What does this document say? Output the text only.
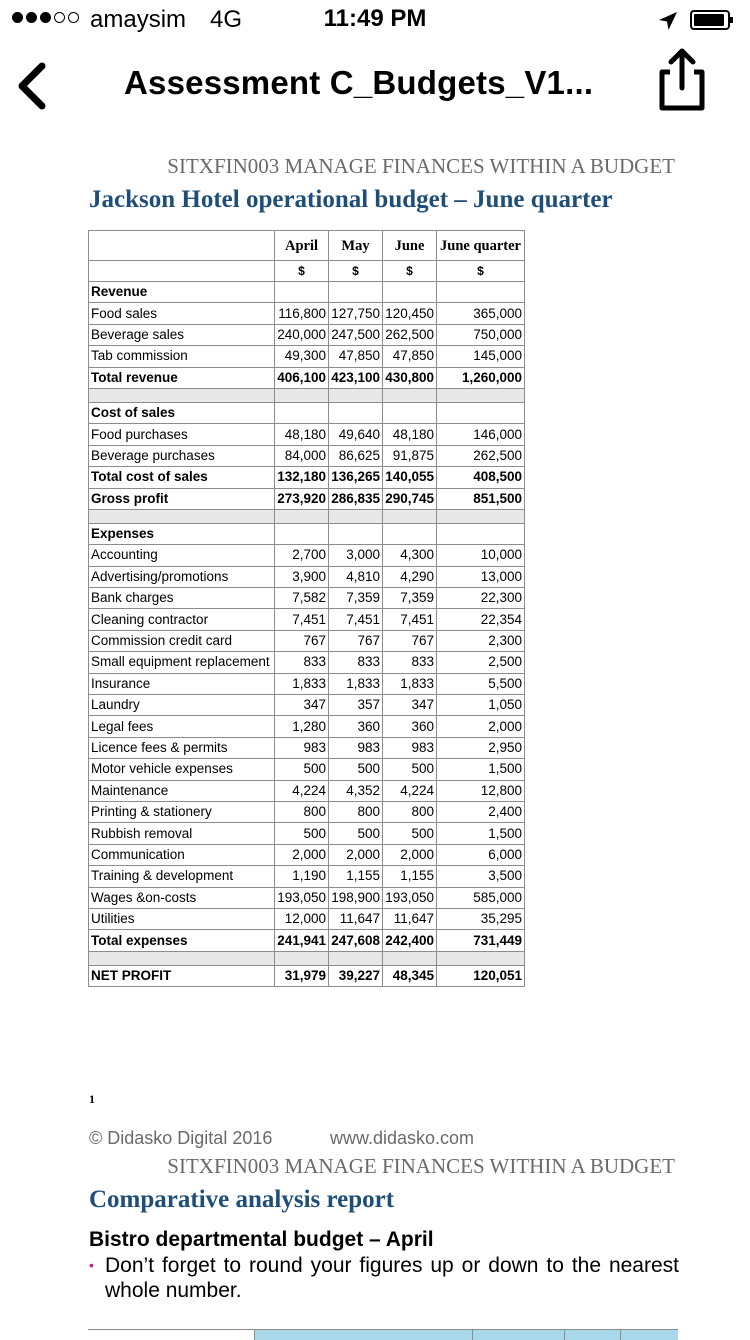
amaysim 4G	11:49 PM
Assessment C_Budgets_V1...
SITXFIN003 MANAGE FINANCES WITHIN A BUDGET
Jackson Hotel operational budget – June quarter
	April	May	June	June quarter
	$	$	$	$
Revenue				
Food sales	116,800	127,750	120,450	365,000
Beverage sales	240,000	247,500	262,500	750,000
Tab commission	49,300	47,850	47,850	145,000
Total revenue	406,100	423,100	430,800	1,260,000

Cost of sales				
Food purchases	48,180	49,640	48,180	146,000
Beverage purchases	84,000	86,625	91,875	262,500
Total cost of sales	132,180	136,265	140,055	408,500
Gross profit	273,920	286,835	290,745	851,500

Expenses				
Accounting	2,700	3,000	4,300	10,000
Advertising/promotions	3,900	4,810	4,290	13,000
Bank charges	7,582	7,359	7,359	22,300
Cleaning contractor	7,451	7,451	7,451	22,354
Commission credit card	767	767	767	2,300
Small equipment replacement	833	833	833	2,500
Insurance	1,833	1,833	1,833	5,500
Laundry	347	357	347	1,050
Legal fees	1,280	360	360	2,000
Licence fees & permits	983	983	983	2,950
Motor vehicle expenses	500	500	500	1,500
Maintenance	4,224	4,352	4,224	12,800
Printing & stationery	800	800	800	2,400
Rubbish removal	500	500	500	1,500
Communication	2,000	2,000	2,000	6,000
Training & development	1,190	1,155	1,155	3,500
Wages &on-costs	193,050	198,900	193,050	585,000
Utilities	12,000	11,647	11,647	35,295
Total expenses	241,941	247,608	242,400	731,449

NET PROFIT	31,979	39,227	48,345	120,051
1
© Didasko Digital 2016	www.didasko.com
SITXFIN003 MANAGE FINANCES WITHIN A BUDGET
Comparative analysis report
Bistro departmental budget – April
• Don’t forget to round your figures up or down to the nearest whole number.
